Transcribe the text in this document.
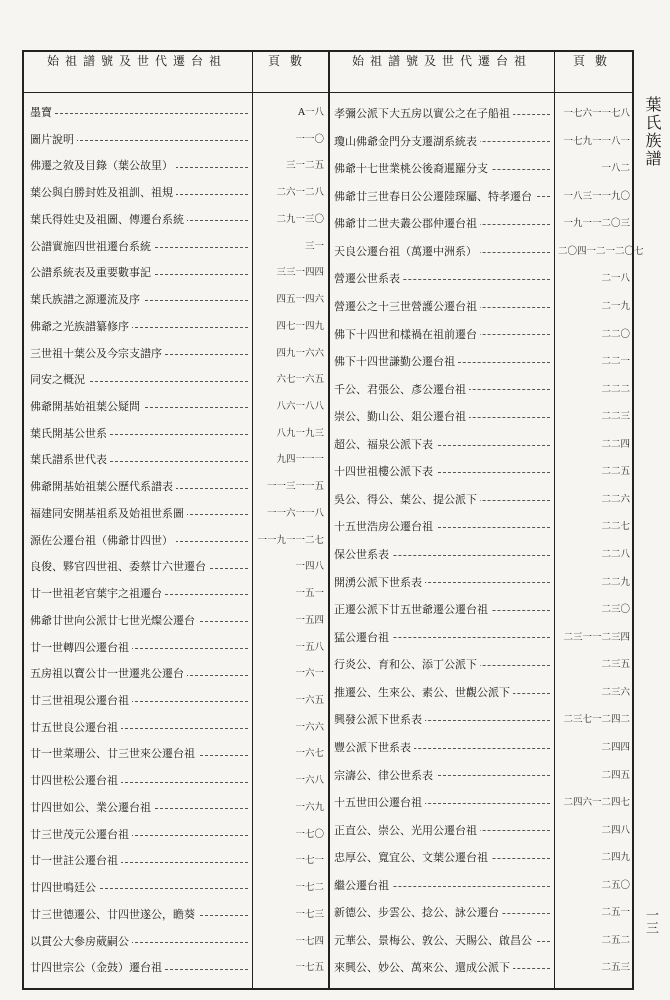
葉氏族譜
一三
始祖譜號及世代遷台祖	頁數	始祖譜號及世代遷台祖	頁數
墨寶	A一八
圖片說明	一一〇
佛遷之敘及目錄（葉公故里）	三一二五
葉公與白勝封姓及祖訓、祖規	二六一二八
葉氏得姓史及祖圖、傳遷台系統	二九一三〇
公譜實施四世祖遷台系統	三一
公譜系統表及重要數事記	三三一四四
葉氏族譜之源遷流及序	四五一四六
佛爺之光族譜纂修序	四七一四九
三世祖十葉公及今宗支譜序	四九一六六
同安之概況	六七一六五
佛爺開基始祖葉公疑問	八六一八八
葉氏開基公世系	八九一九三
葉氏譜系世代表	九四一一一
佛爺開基始祖葉公歷代系譜表	一一三一一五
福建同安開基祖系及始祖世系圖	一一六一一八
源佐公遷台祖（佛爺廿四世）	一一九一一二七
良俊、夥官四世祖、委蔡廿六世遷台	一四八
廿一世祖老官葉宇之祖遷台	一五一
佛爺廿世向公派廿七世光燦公遷台	一五四
廿一世轉四公遷台祖	一五八
五房祖以寶公廿一世遷兆公遷台	一六一
廿三世祖現公遷台祖	一六五
廿五世良公遷台祖	一六六
廿一世菜珊公、廿三世來公遷台祖	一六七
廿四世松公遷台祖	一六八
廿四世如公、業公遷台祖	一六九
廿三世茂元公遷台祖	一七〇
廿一世註公遷台祖	一七一
廿四世鳴廷公	一七二
廿三世德遷公、廿四世遂公，瞻葵	一七三
以貫公大參房葳嗣公	一七四
廿四世宗公（金鼓）遷台祖	一七五
孝彌公派下大五房以實公之在子船祖	一七六一一七八
瓊山佛爺金門分支遷湖系統表	一七九一一八一
佛爺十七世業桃公後裔暹羅分支	一八二
佛爺廿三世春日公公遷陸琛屬、特孝遷台	一八三一一九〇
佛爺廿二世夫叢公郡仲遷台祖	一九一一二〇三
天良公遷台祖（萬遷中洲系）	二〇四一二一二〇七
營遷公世系表	二一八
營遷公之十三世營護公遷台祖	二一九
佛下十四世和樣禍在祖前遷台	二二〇
佛下十四世謙勤公遷台祖	二二一
千公、君張公、彥公遷台祖	二二二
崇公、勤山公、爼公遷台祖	二二三
超公、福泉公派下表	二二四
十四世祖樓公派下表	二二五
吳公、得公、葉公、提公派下	二二六
十五世浩房公遷台祖	二二七
保公世系表	二二八
開湧公派下世系表	二二九
正遷公派下廿五世爺遷公遷台祖	二三〇
猛公遷台祖	二三一一二三四
行炎公、育和公、添丁公派下	二三五
推遷公、生來公、素公、世觀公派下	二三六
興發公派下世系表	二三七一二四二
豐公派下世系表	二四四
宗濤公、律公世系表	二四五
十五世田公遷台祖	二四六一二四七
正直公、崇公、光用公遷台祖	二四八
忠厚公、寬宜公、文葉公遷台祖	二四九
繼公遷台祖	二五〇
新德公、步雲公、捻公、詠公遷台	二五一
元華公、景梅公、敦公、天賜公、啟昌公	二五二
來興公、妙公、萬來公、還成公派下	二五三
